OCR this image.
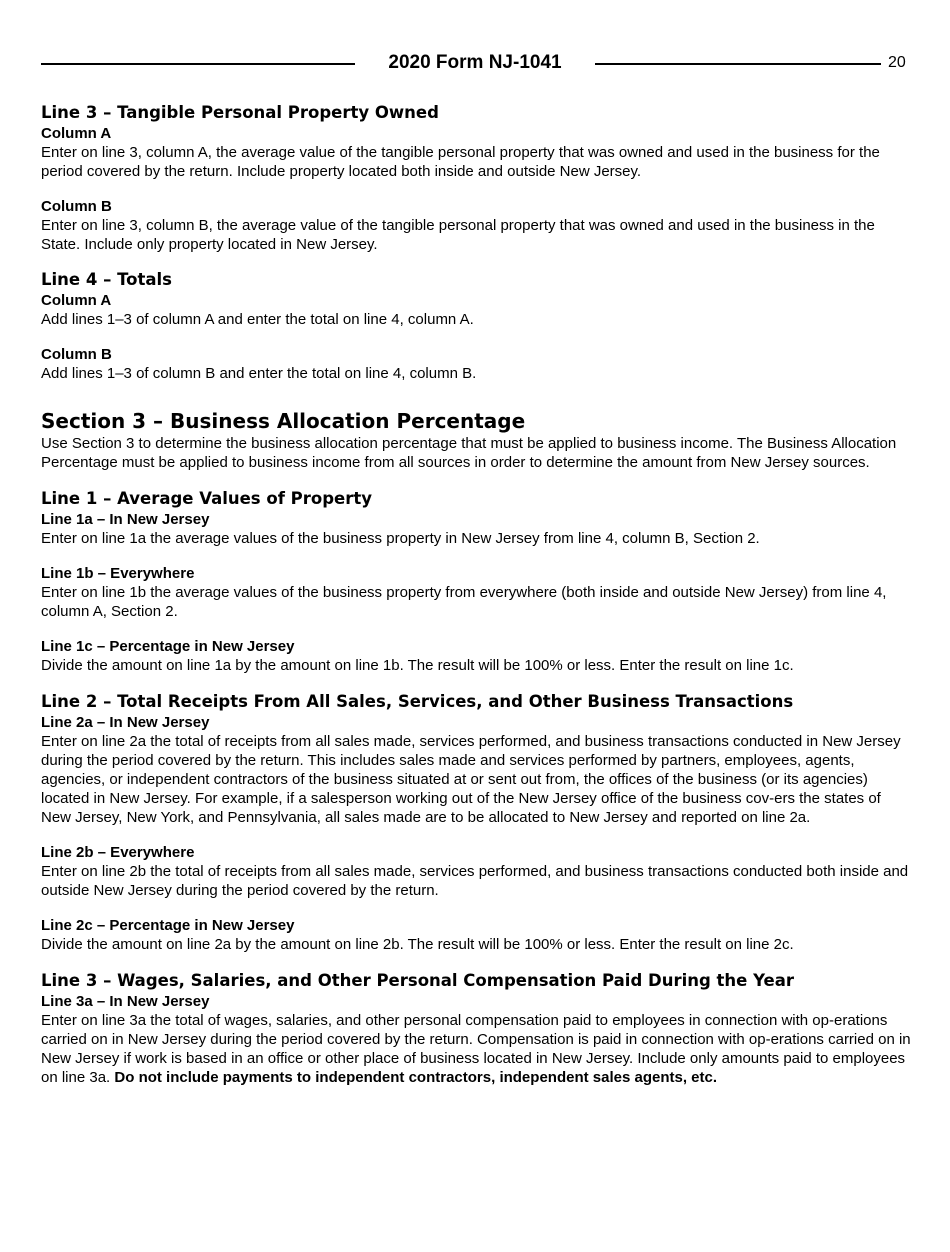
2020 Form NJ-1041	20
Line 3 – Tangible Personal Property Owned
Column A

Enter on line 3, column A, the average value of the tangible personal property that was owned and used in the business for the period covered by the return. Include property located both inside and outside New Jersey.

Column B

Enter on line 3, column B, the average value of the tangible personal property that was owned and used in the business in the State. Include only property located in New Jersey.

Line 4 – Totals
Column A

Add lines 1–3 of column A and enter the total on line 4, column A.

Column B

Add lines 1–3 of column B and enter the total on line 4, column B.

Section 3 – Business Allocation Percentage

Use Section 3 to determine the business allocation percentage that must be applied to business income. The Business Allocation Percentage must be applied to business income from all sources in order to determine the amount from New Jersey sources.

Line 1 – Average Values of Property
Line 1a – In New Jersey

Enter on line 1a the average values of the business property in New Jersey from line 4, column B, Section 2.

Line 1b – Everywhere

Enter on line 1b the average values of the business property from everywhere (both inside and outside New Jersey) from line 4, column A, Section 2.

Line 1c – Percentage in New Jersey

Divide the amount on line 1a by the amount on line 1b. The result will be 100% or less. Enter the result on line 1c.

Line 2 – Total Receipts From All Sales, Services, and Other Business Transactions
Line 2a – In New Jersey

Enter on line 2a the total of receipts from all sales made, services performed, and business transactions conducted in New Jersey during the period covered by the return. This includes sales made and services performed by partners, employees, agents, agencies, or independent contractors of the business situated at or sent out from, the offices of the business (or its agencies) located in New Jersey. For example, if a salesperson working out of the New Jersey office of the business cov-ers the states of New Jersey, New York, and Pennsylvania, all sales made are to be allocated to New Jersey and reported on line 2a.

Line 2b – Everywhere

Enter on line 2b the total of receipts from all sales made, services performed, and business transactions conducted both inside and outside New Jersey during the period covered by the return.

Line 2c – Percentage in New Jersey

Divide the amount on line 2a by the amount on line 2b. The result will be 100% or less. Enter the result on line 2c.

Line 3 – Wages, Salaries, and Other Personal Compensation Paid During the Year
Line 3a – In New Jersey

Enter on line 3a the total of wages, salaries, and other personal compensation paid to employees in connection with op-erations carried on in New Jersey during the period covered by the return. Compensation is paid in connection with op-erations carried on in New Jersey if work is based in an office or other place of business located in New Jersey. Include only amounts paid to employees on line 3a. Do not include payments to independent contractors, independent sales agents, etc.
